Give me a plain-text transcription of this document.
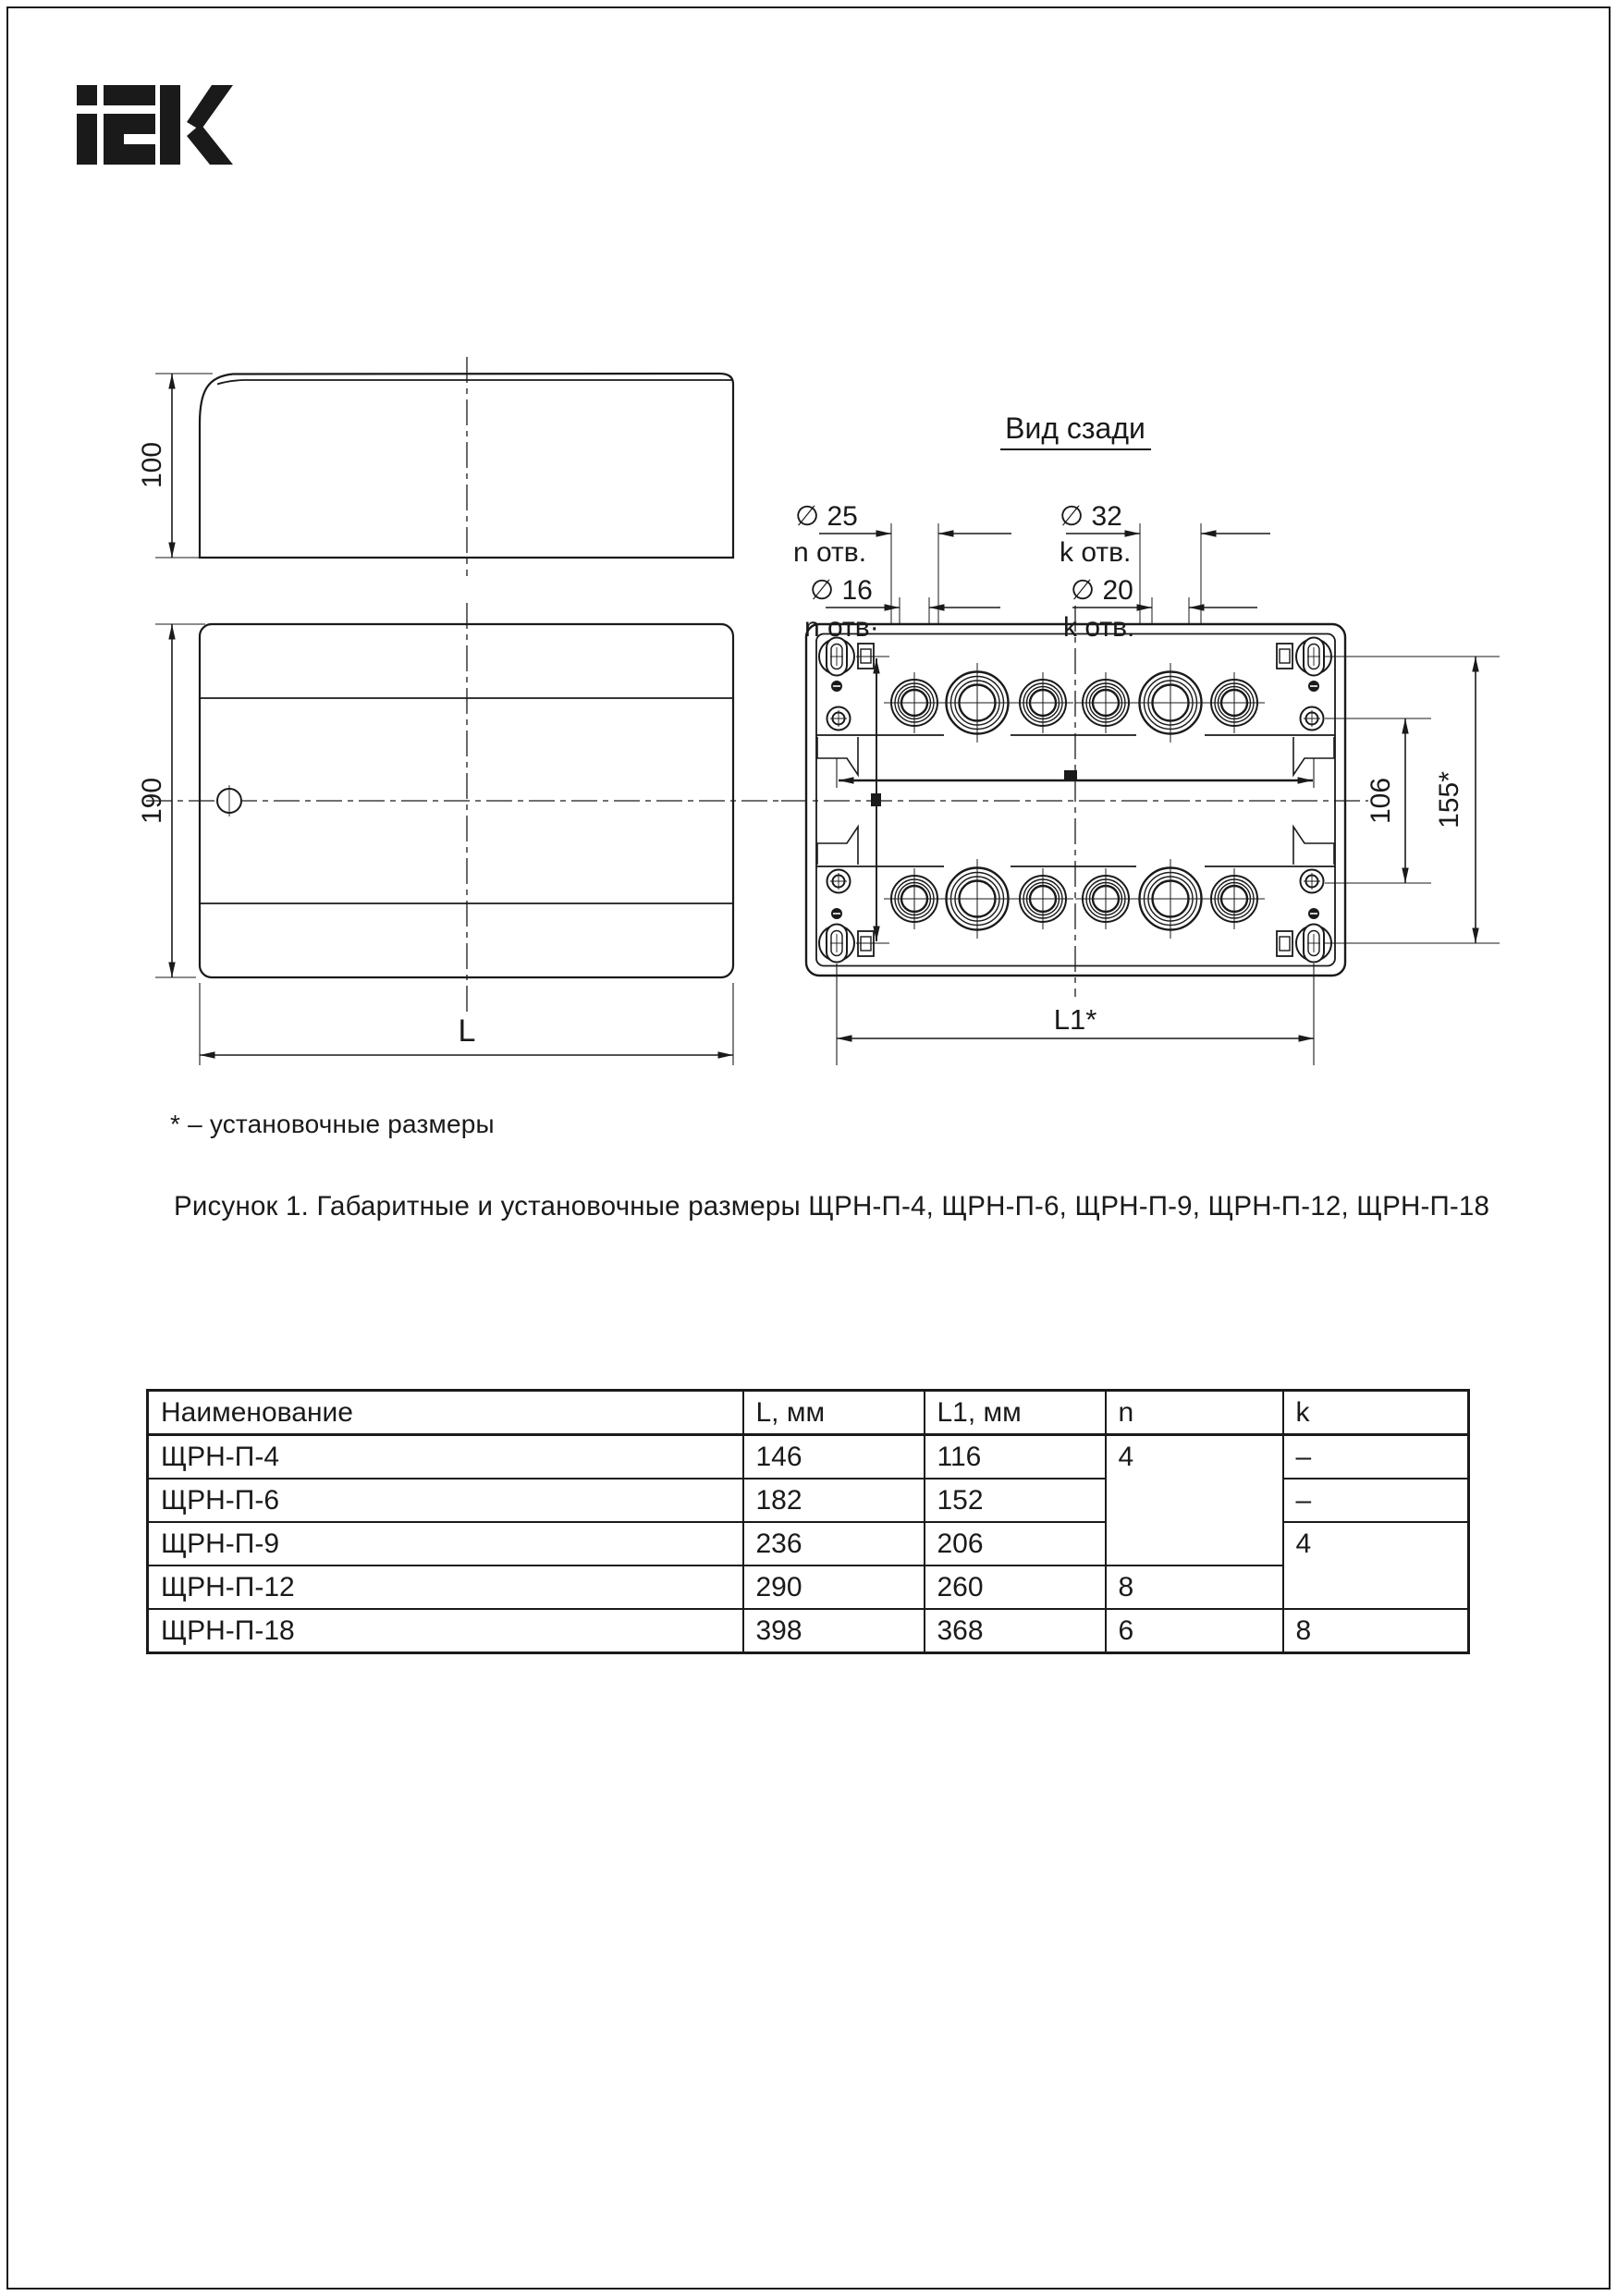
100
190
L
Вид сзади
106 155*
L1*
∅ 25
n отв.
∅ 16
n отв·
∅ 32
k отв.
∅ 20
k отв.
* – установочные размеры
Рисунок 1. Габаритные и установочные размеры ЩРН-П-4, ЩРН-П-6, ЩРН-П-9, ЩРН-П-12, ЩРН-П-18
Наименование	L, мм	L1, мм	n	k
ЩРН-П-4	146	116	4	–
ЩРН-П-6	182	152		–
ЩРН-П-9	236	206		4
ЩРН-П-12	290	260	8	
ЩРН-П-18	398	368	6	8
